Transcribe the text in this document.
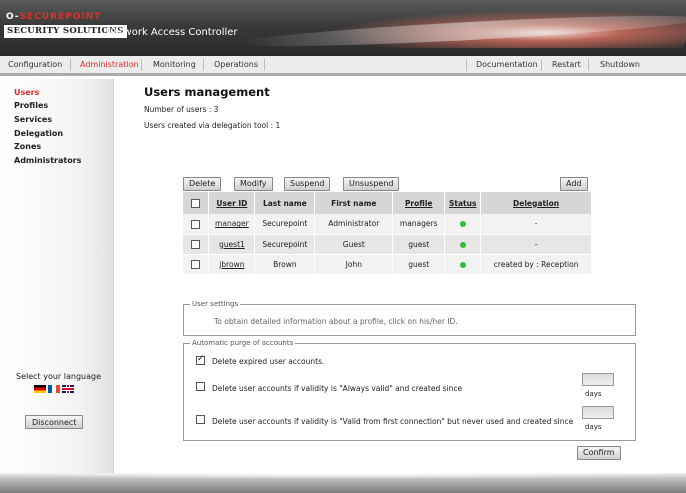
O-SECUREPOINT
SECURITY SOLUTIONS
Network Access Controller
Configuration	Administration	Monitoring	Operations	Documentation	Restart	Shutdown
Users
Profiles
Services
Delegation
Zones
Administrators
Select your language
Disconnect
Users management
Number of users : 3
Users created via delegation tool : 1
Delete	Modify	Suspend	Unsuspend	Add
	User ID	Last name	First name	Profile	Status	Delegation
	manager	Securepoint	Administrator	managers		-
	guest1	Securepoint	Guest	guest		-
	jbrown	Brown	John	guest		created by : Reception
User settings
To obtain detailed information about a profile, click on his/her ID.
Automatic purge of accounts
✓
Delete expired user accounts.
Delete user accounts if validity is "Always valid" and created since
days
Delete user accounts if validity is "Valid from first connection" but never used and created since
days
Confirm
